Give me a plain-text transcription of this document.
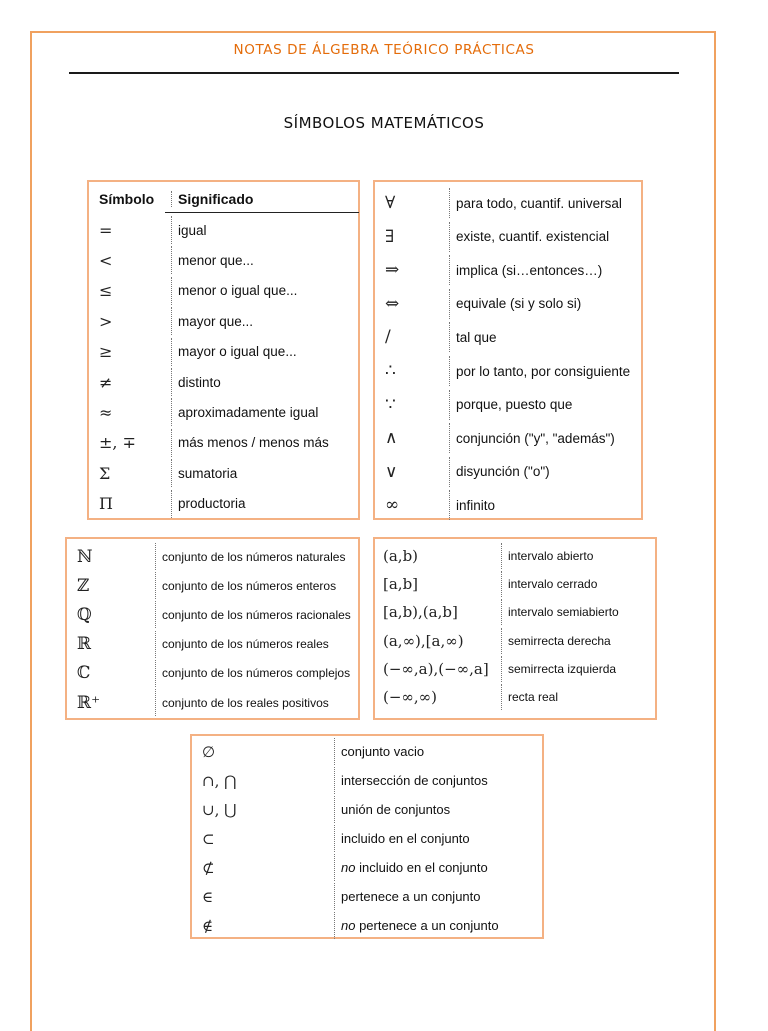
NOTAS DE ÁLGEBRA TEÓRICO PRÁCTICAS
SÍMBOLOS MATEMÁTICOS
Símbolo	Significado
=	igual
<	menor que...
≤	menor o igual que...
>	mayor que...
≥	mayor o igual que...
≠	distinto
≈	aproximadamente igual
±, ∓	más menos / menos más
Σ	sumatoria
Π	productoria
∀	para todo, cuantif. universal
∃	existe, cuantif. existencial
⇒	implica (si…entonces…)
⇔	equivale (si y solo si)
/	tal que
∴	por lo tanto, por consiguiente
∵	porque, puesto que
∧	conjunción ("y", "además")
∨	disyunción ("o")
∞	infinito
ℕ	conjunto de los números naturales
ℤ	conjunto de los números enteros
ℚ	conjunto de los números racionales
ℝ	conjunto de los números reales
ℂ	conjunto de los números complejos
ℝ⁺	conjunto de los reales positivos
(a,b)	intervalo abierto
[a,b]	intervalo cerrado
[a,b),(a,b]	intervalo semiabierto
(a,∞),[a,∞)	semirrecta derecha
(−∞,a),(−∞,a]	semirrecta izquierda
(−∞,∞)	recta real
∅	conjunto vacio
∩, ⋂	intersección de conjuntos
∪, ⋃	unión de conjuntos
⊂	incluido en el conjunto
⊄	no incluido en el conjunto
∈	pertenece a un conjunto
∉	no pertenece a un conjunto
